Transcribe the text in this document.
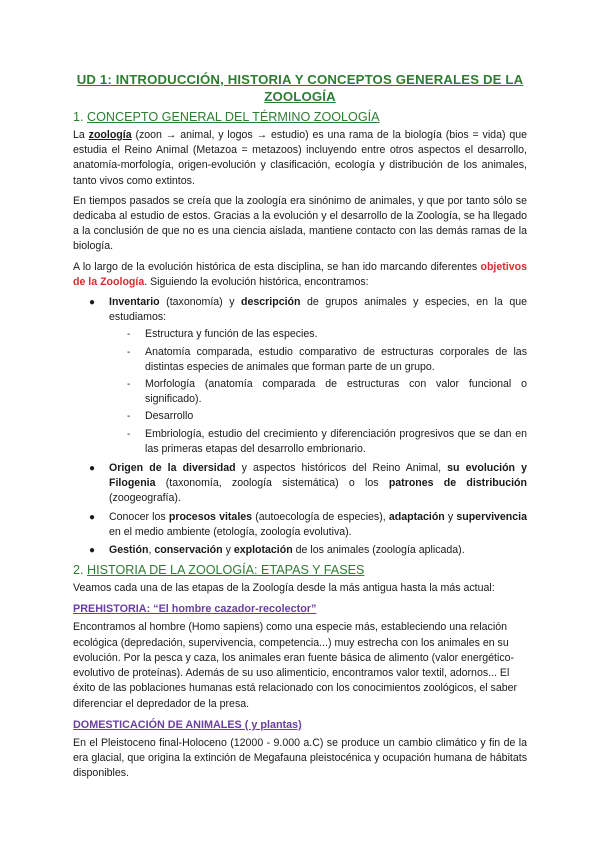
UD 1: INTRODUCCIÓN, HISTORIA Y CONCEPTOS GENERALES DE LA ZOOLOGÍA
1. CONCEPTO GENERAL DEL TÉRMINO ZOOLOGÍA

La zoología (zoon → animal, y logos → estudio) es una rama de la biología (bios = vida) que estudia el Reino Animal (Metazoa = metazoos) incluyendo entre otros aspectos el desarrollo, anatomía-morfología, origen-evolución y clasificación, ecología y distribución de los animales, tanto vivos como extintos.

En tiempos pasados se creía que la zoología era sinónimo de animales, y que por tanto sólo se dedicaba al estudio de estos. Gracias a la evolución y el desarrollo de la Zoología, se ha llegado a la conclusión de que no es una ciencia aislada, mantiene contacto con las demás ramas de la biología.

A lo largo de la evolución histórica de esta disciplina, se han ido marcando diferentes objetivos de la Zoología. Siguiendo la evolución histórica, encontramos:

● Inventario (taxonomía) y descripción de grupos animales y especies, en la que estudiamos:
- Estructura y función de las especies.
- Anatomía comparada, estudio comparativo de estructuras corporales de las distintas especies de animales que forman parte de un grupo.
- Morfología (anatomía comparada de estructuras con valor funcional o significado).
- Desarrollo
- Embriología, estudio del crecimiento y diferenciación progresivos que se dan en las primeras etapas del desarrollo embrionario.
● Origen de la diversidad y aspectos históricos del Reino Animal, su evolución y Filogenia (taxonomía, zoología sistemática) o los patrones de distribución (zoogeografía).
● Conocer los procesos vitales (autoecología de especies), adaptación y supervivencia en el medio ambiente (etología, zoología evolutiva).
● Gestión, conservación y explotación de los animales (zoología aplicada).
2. HISTORIA DE LA ZOOLOGÍA: ETAPAS Y FASES

Veamos cada una de las etapas de la Zoología desde la más antigua hasta la más actual:

PREHISTORIA: “El hombre cazador-recolector”

Encontramos al hombre (Homo sapiens) como una especie más, estableciendo una relación ecológica (depredación, supervivencia, competencia...) muy estrecha con los animales en su evolución. Por la pesca y caza, los animales eran fuente básica de alimento (valor energético-evolutivo de proteínas). Además de su uso alimenticio, encontramos valor textil, adornos... El éxito de las poblaciones humanas está relacionado con los conocimientos zoológicos, el saber diferenciar el depredador de la presa.

DOMESTICACIÓN DE ANIMALES ( y plantas)

En el Pleistoceno final-Holoceno (12000 - 9.000 a.C) se produce un cambio climático y fin de la era glacial, que origina la extinción de Megafauna pleistocénica y ocupación humana de hábitats disponibles.
